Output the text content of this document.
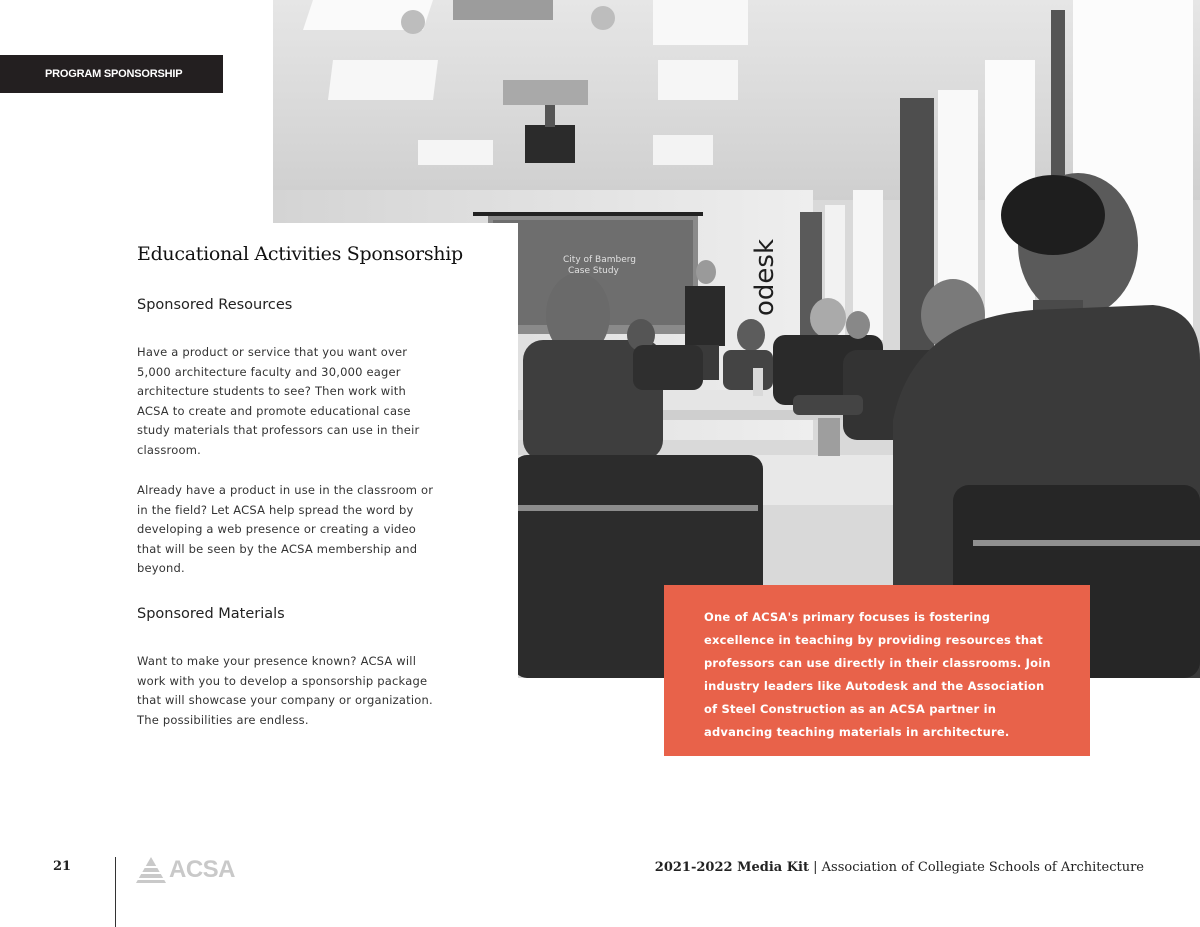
City of Bamberg
Case Study	odesk
PROGRAM SPONSORSHIP
Educational Activities Sponsorship
Sponsored Resources

Have a product or service that you want over 5,000 architecture faculty and 30,000 eager architecture students to see? Then work with ACSA to create and promote educational case study materials that professors can use in their classroom.

Already have a product in use in the classroom or in the field? Let ACSA help spread the word by developing a web presence or creating a video that will be seen by the ACSA membership and beyond.

Sponsored Materials

Want to make your presence known? ACSA will work with you to develop a sponsorship package that will showcase your company or organization. The possibilities are endless.

One of ACSA's primary focuses is fostering excellence in teaching by providing resources that professors can use directly in their classrooms. Join industry leaders like Autodesk and the Association of Steel Construction as an ACSA partner in advancing teaching materials in architecture.

21	ACSA	2021-2022 Media Kit | Association of Collegiate Schools of Architecture
